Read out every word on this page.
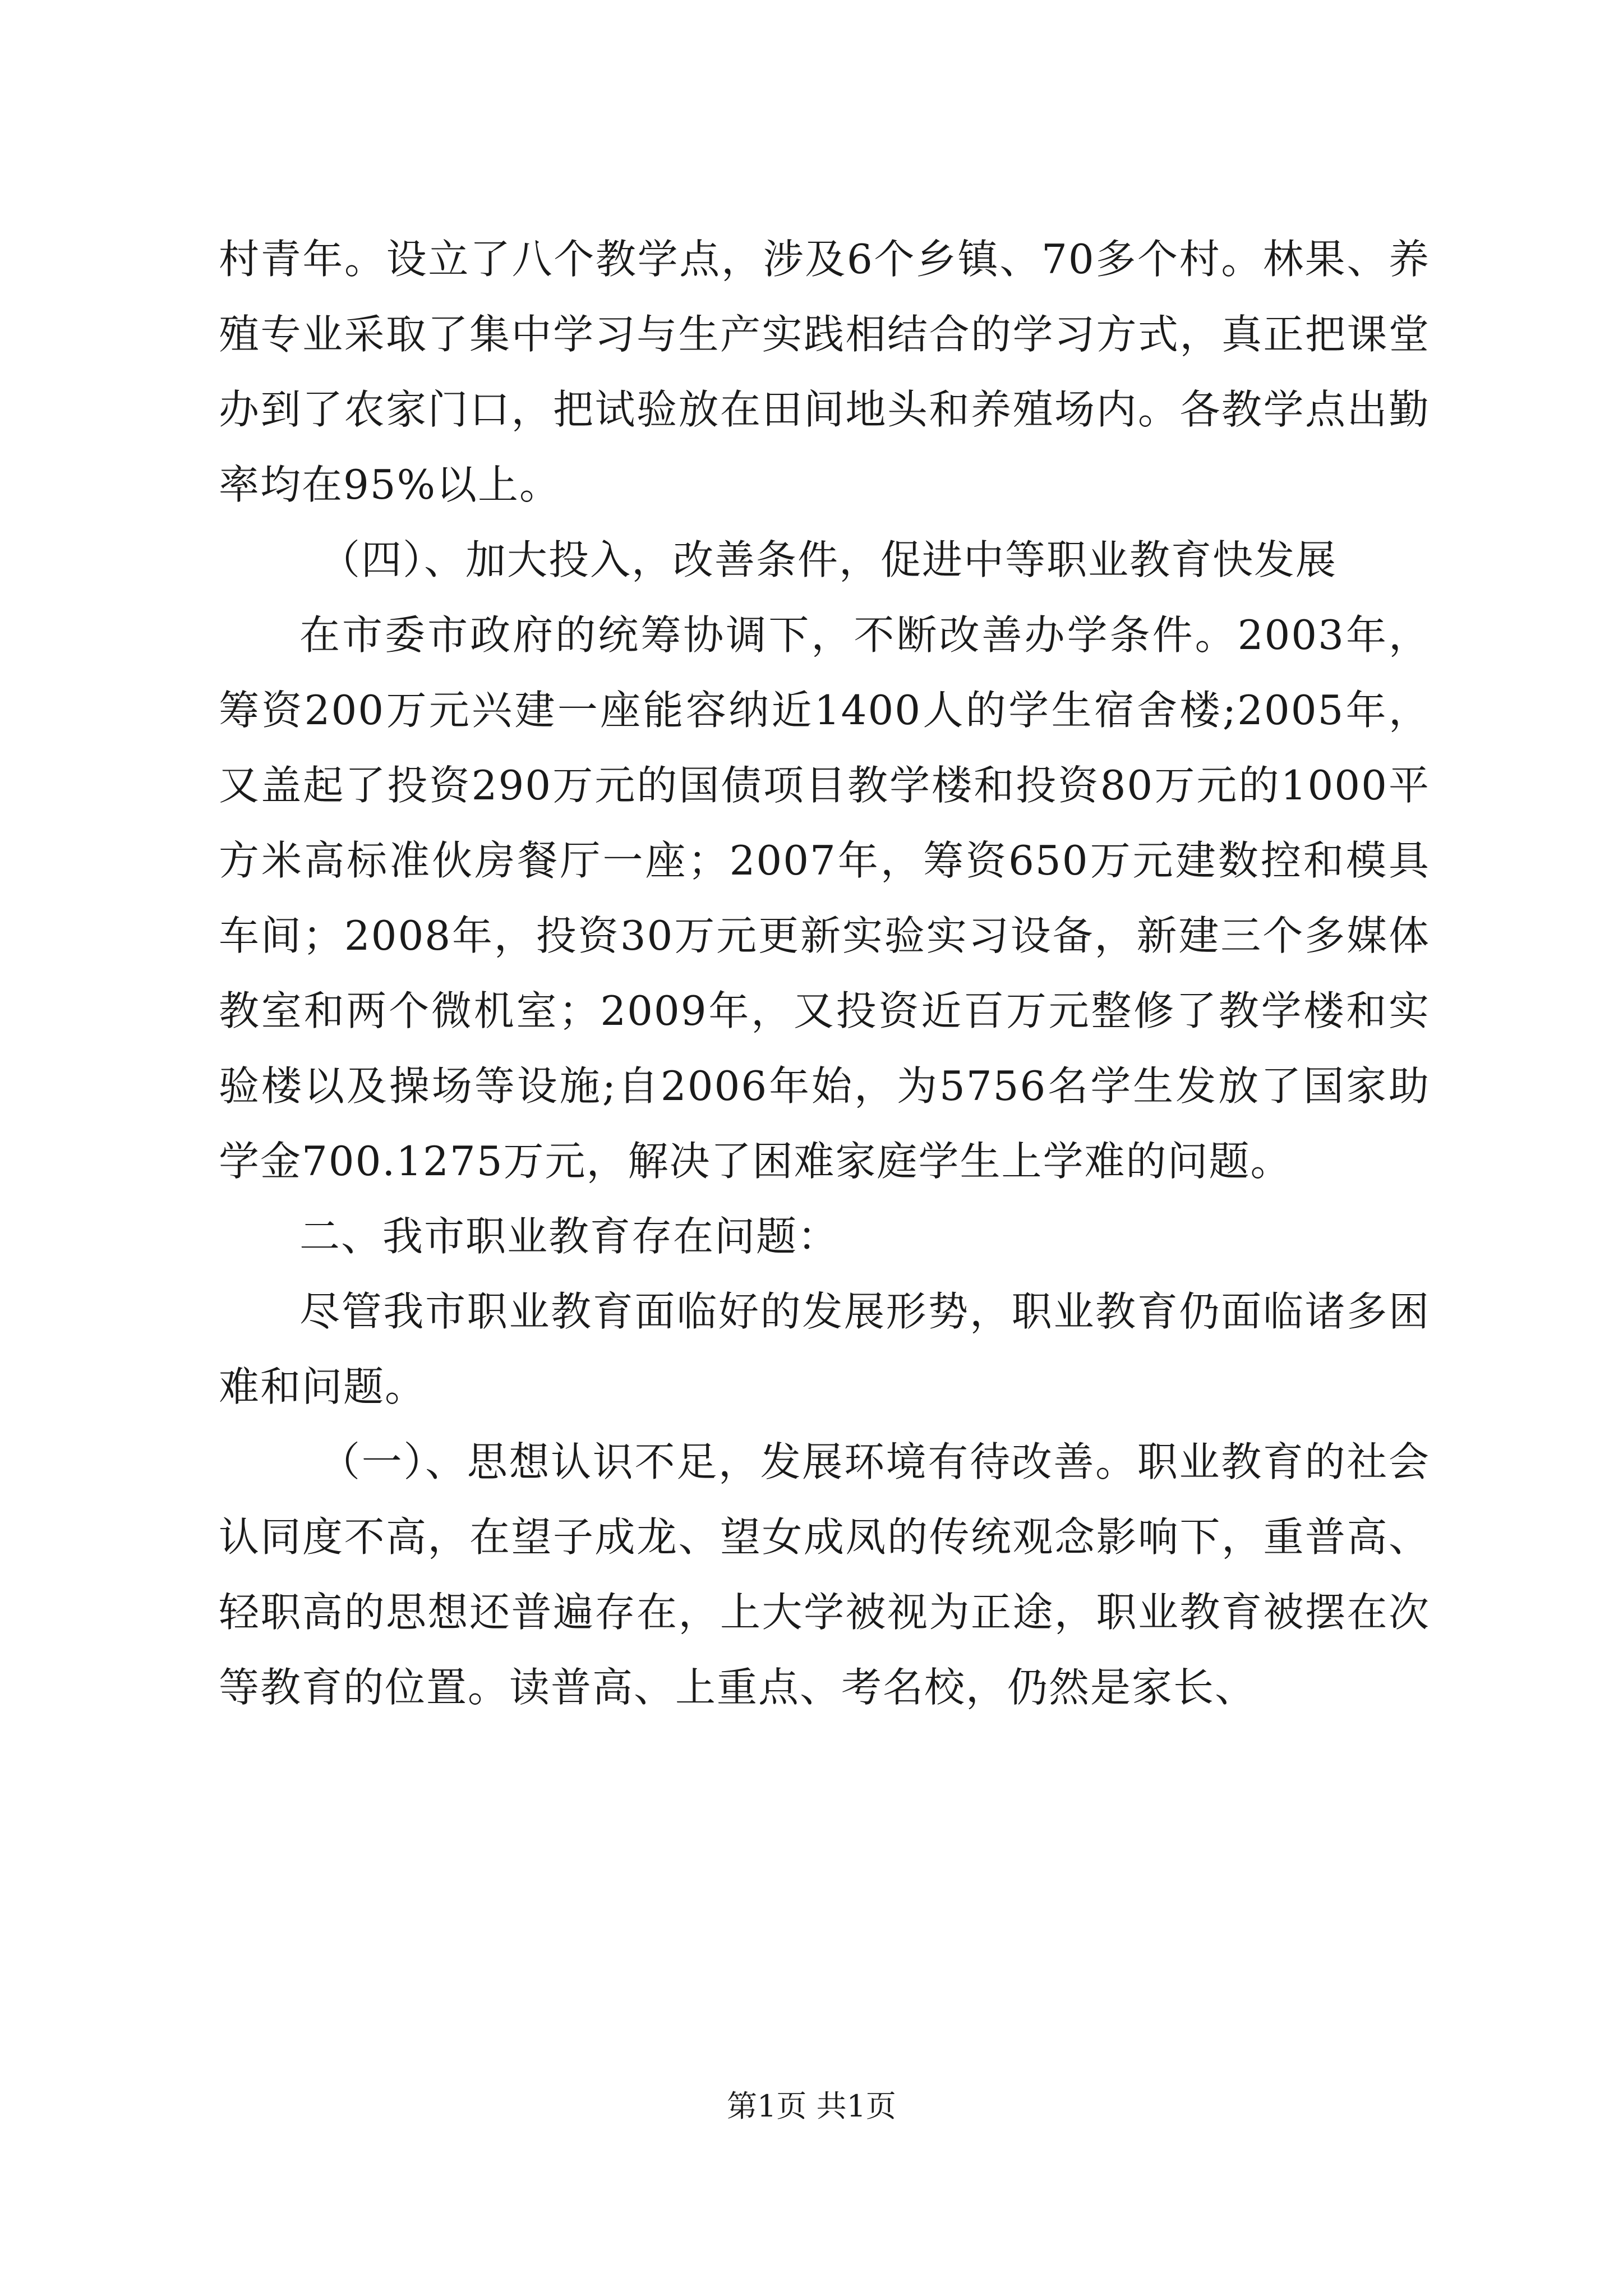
村青年。设立了八个教学点，涉及6个乡镇、70多个村。林果、养殖专业采取了集中学习与生产实践相结合的学习方式，真正把课堂办到了农家门口，把试验放在田间地头和养殖场内。各教学点出勤率均在95%以上。

（四）、加大投入，改善条件，促进中等职业教育快发展

在市委市政府的统筹协调下，不断改善办学条件。2003年，筹资200万元兴建一座能容纳近1400人的学生宿舍楼;2005年，又盖起了投资290万元的国债项目教学楼和投资80万元的1000平方米高标准伙房餐厅一座；2007年，筹资650万元建数控和模具车间；2008年，投资30万元更新实验实习设备，新建三个多媒体教室和两个微机室；2009年，又投资近百万元整修了教学楼和实验楼以及操场等设施;自2006年始，为5756名学生发放了国家助学金700.1275万元，解决了困难家庭学生上学难的问题。

二、我市职业教育存在问题：

尽管我市职业教育面临好的发展形势，职业教育仍面临诸多困难和问题。

（一）、思想认识不足，发展环境有待改善。职业教育的社会认同度不高，在望子成龙、望女成凤的传统观念影响下，重普高、轻职高的思想还普遍存在，上大学被视为正途，职业教育被摆在次等教育的位置。读普高、上重点、考名校，仍然是家长、

第1页 共1页
